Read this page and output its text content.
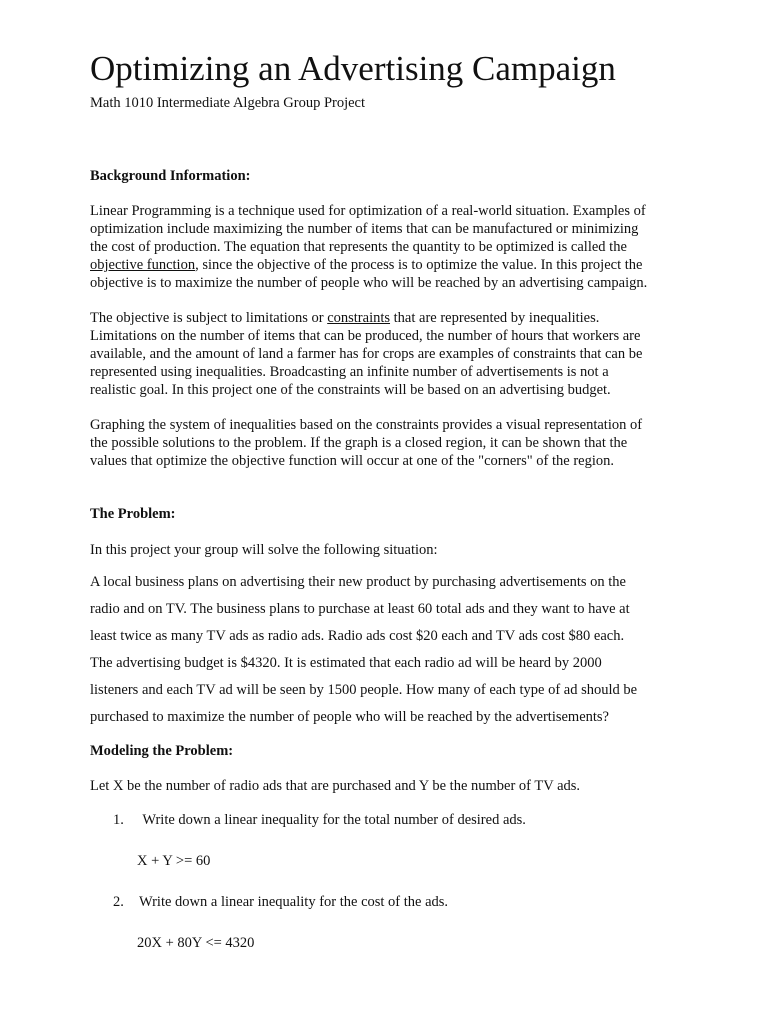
Optimizing an Advertising Campaign
Math 1010 Intermediate Algebra Group Project
Background Information:
Linear Programming is a technique used for optimization of a real-world situation. Examples of
optimization include maximizing the number of items that can be manufactured or minimizing
the cost of production. The equation that represents the quantity to be optimized is called the
objective function, since the objective of the process is to optimize the value. In this project the
objective is to maximize the number of people who will be reached by an advertising campaign.
The objective is subject to limitations or constraints that are represented by inequalities.
Limitations on the number of items that can be produced, the number of hours that workers are
available, and the amount of land a farmer has for crops are examples of constraints that can be
represented using inequalities. Broadcasting an infinite number of advertisements is not a
realistic goal. In this project one of the constraints will be based on an advertising budget.
Graphing the system of inequalities based on the constraints provides a visual representation of
the possible solutions to the problem. If the graph is a closed region, it can be shown that the
values that optimize the objective function will occur at one of the "corners" of the region.
The Problem:
In this project your group will solve the following situation:
A local business plans on advertising their new product by purchasing advertisements on the
radio and on TV. The business plans to purchase at least 60 total ads and they want to have at
least twice as many TV ads as radio ads. Radio ads cost $20 each and TV ads cost $80 each.
The advertising budget is $4320. It is estimated that each radio ad will be heard by 2000
listeners and each TV ad will be seen by 1500 people. How many of each type of ad should be
purchased to maximize the number of people who will be reached by the advertisements?
Modeling the Problem:
Let X be the number of radio ads that are purchased and Y be the number of TV ads.
1. Write down a linear inequality for the total number of desired ads.
X + Y >= 60
2. Write down a linear inequality for the cost of the ads.
20X + 80Y <= 4320
